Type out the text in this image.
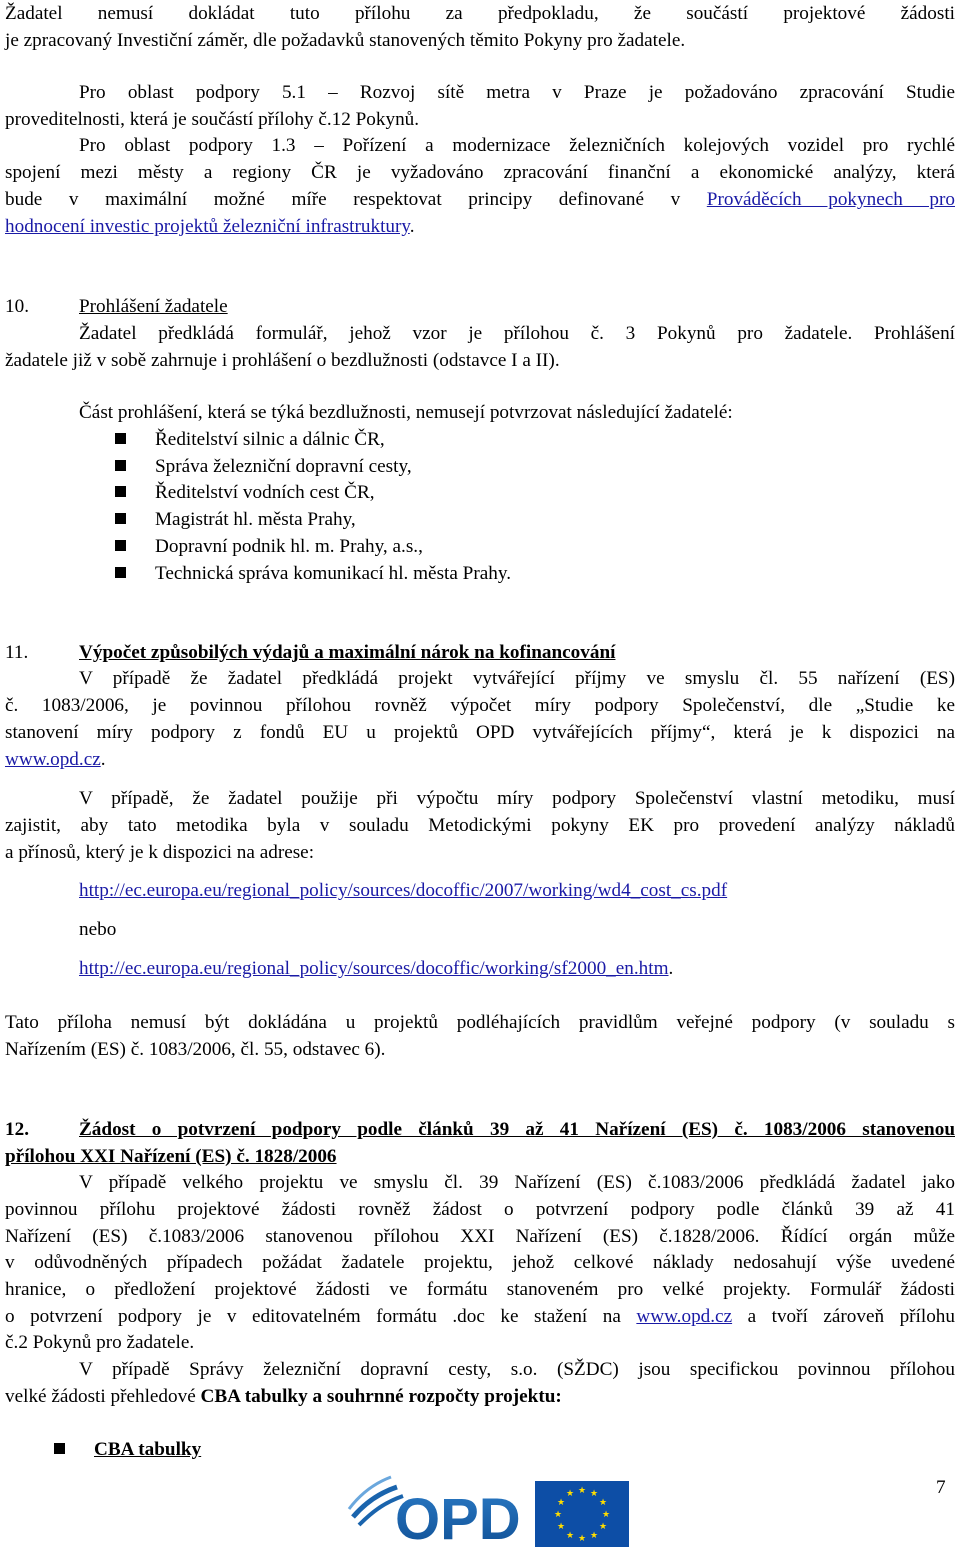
Žadatel nemusí dokládat tuto přílohu za předpokladu, že součástí projektové žádosti
je zpracovaný Investiční záměr, dle požadavků stanovených těmito Pokyny pro žadatele.
Pro oblast podpory 5.1 – Rozvoj sítě metra v Praze je požadováno zpracování Studie
proveditelnosti, která je součástí přílohy č.12 Pokynů.
Pro oblast podpory 1.3 – Pořízení a modernizace železničních kolejových vozidel pro rychlé
spojení mezi městy a regiony ČR je vyžadováno zpracování finanční a ekonomické analýzy, která
bude v maximální možné míře respektovat principy definované v Prováděcích pokynech pro
hodnocení investic projektů železniční infrastruktury.
10.	Prohlášení žadatele
Žadatel předkládá formulář, jehož vzor je přílohou č. 3 Pokynů pro žadatele. Prohlášení
žadatele již v sobě zahrnuje i prohlášení o bezdlužnosti (odstavce I a II).
Část prohlášení, která se týká bezdlužnosti, nemusejí potvrzovat následující žadatelé:
Ředitelství silnic a dálnic ČR,
Správa železniční dopravní cesty,
Ředitelství vodních cest ČR,
Magistrát hl. města Prahy,
Dopravní podnik hl. m. Prahy, a.s.,
Technická správa komunikací hl. města Prahy.
11.	Výpočet způsobilých výdajů a maximální nárok na kofinancování
V případě že žadatel předkládá projekt vytvářející příjmy ve smyslu čl. 55 nařízení (ES)
č. 1083/2006, je povinnou přílohou rovněž výpočet míry podpory Společenství, dle „Studie ke
stanovení míry podpory z fondů EU u projektů OPD vytvářejících příjmy“, která je k dispozici na
www.opd.cz.
V případě, že žadatel použije při výpočtu míry podpory Společenství vlastní metodiku, musí
zajistit, aby tato metodika byla v souladu Metodickými pokyny EK pro provedení analýzy nákladů
a přínosů, který je k dispozici na adrese:
http://ec.europa.eu/regional_policy/sources/docoffic/2007/working/wd4_cost_cs.pdf
nebo
http://ec.europa.eu/regional_policy/sources/docoffic/working/sf2000_en.htm.
Tato příloha nemusí být dokládána u projektů podléhajících pravidlům veřejné podpory (v souladu s
Nařízením (ES) č. 1083/2006, čl. 55, odstavec 6).
12.	Žádost o potvrzení podpory podle článků 39 až 41 Nařízení (ES) č. 1083/2006 stanovenou
přílohou XXI Nařízení (ES) č. 1828/2006
V případě velkého projektu ve smyslu čl. 39 Nařízení (ES) č.1083/2006 předkládá žadatel jako
povinnou přílohu projektové žádosti rovněž žádost o potvrzení podpory podle článků 39 až 41
Nařízení (ES) č.1083/2006 stanovenou přílohou XXI Nařízení (ES) č.1828/2006. Řídící orgán může
v odůvodněných případech požádat žadatele projektu, jehož celkové náklady nedosahují výše uvedené
hranice, o předložení projektové žádosti ve formátu stanoveném pro velké projekty. Formulář žádosti
o potvrzení podpory je v editovatelném formátu .doc ke stažení na www.opd.cz a tvoří zároveň přílohu
č.2 Pokynů pro žadatele.
V případě Správy železniční dopravní cesty, s.o. (SŽDC) jsou specifickou povinnou přílohou
velké žádosti přehledové CBA tabulky a souhrnné rozpočty projektu:
CBA tabulky
OPD	★ ★
★
★
★
★
★
★
★
★
★
★	7
